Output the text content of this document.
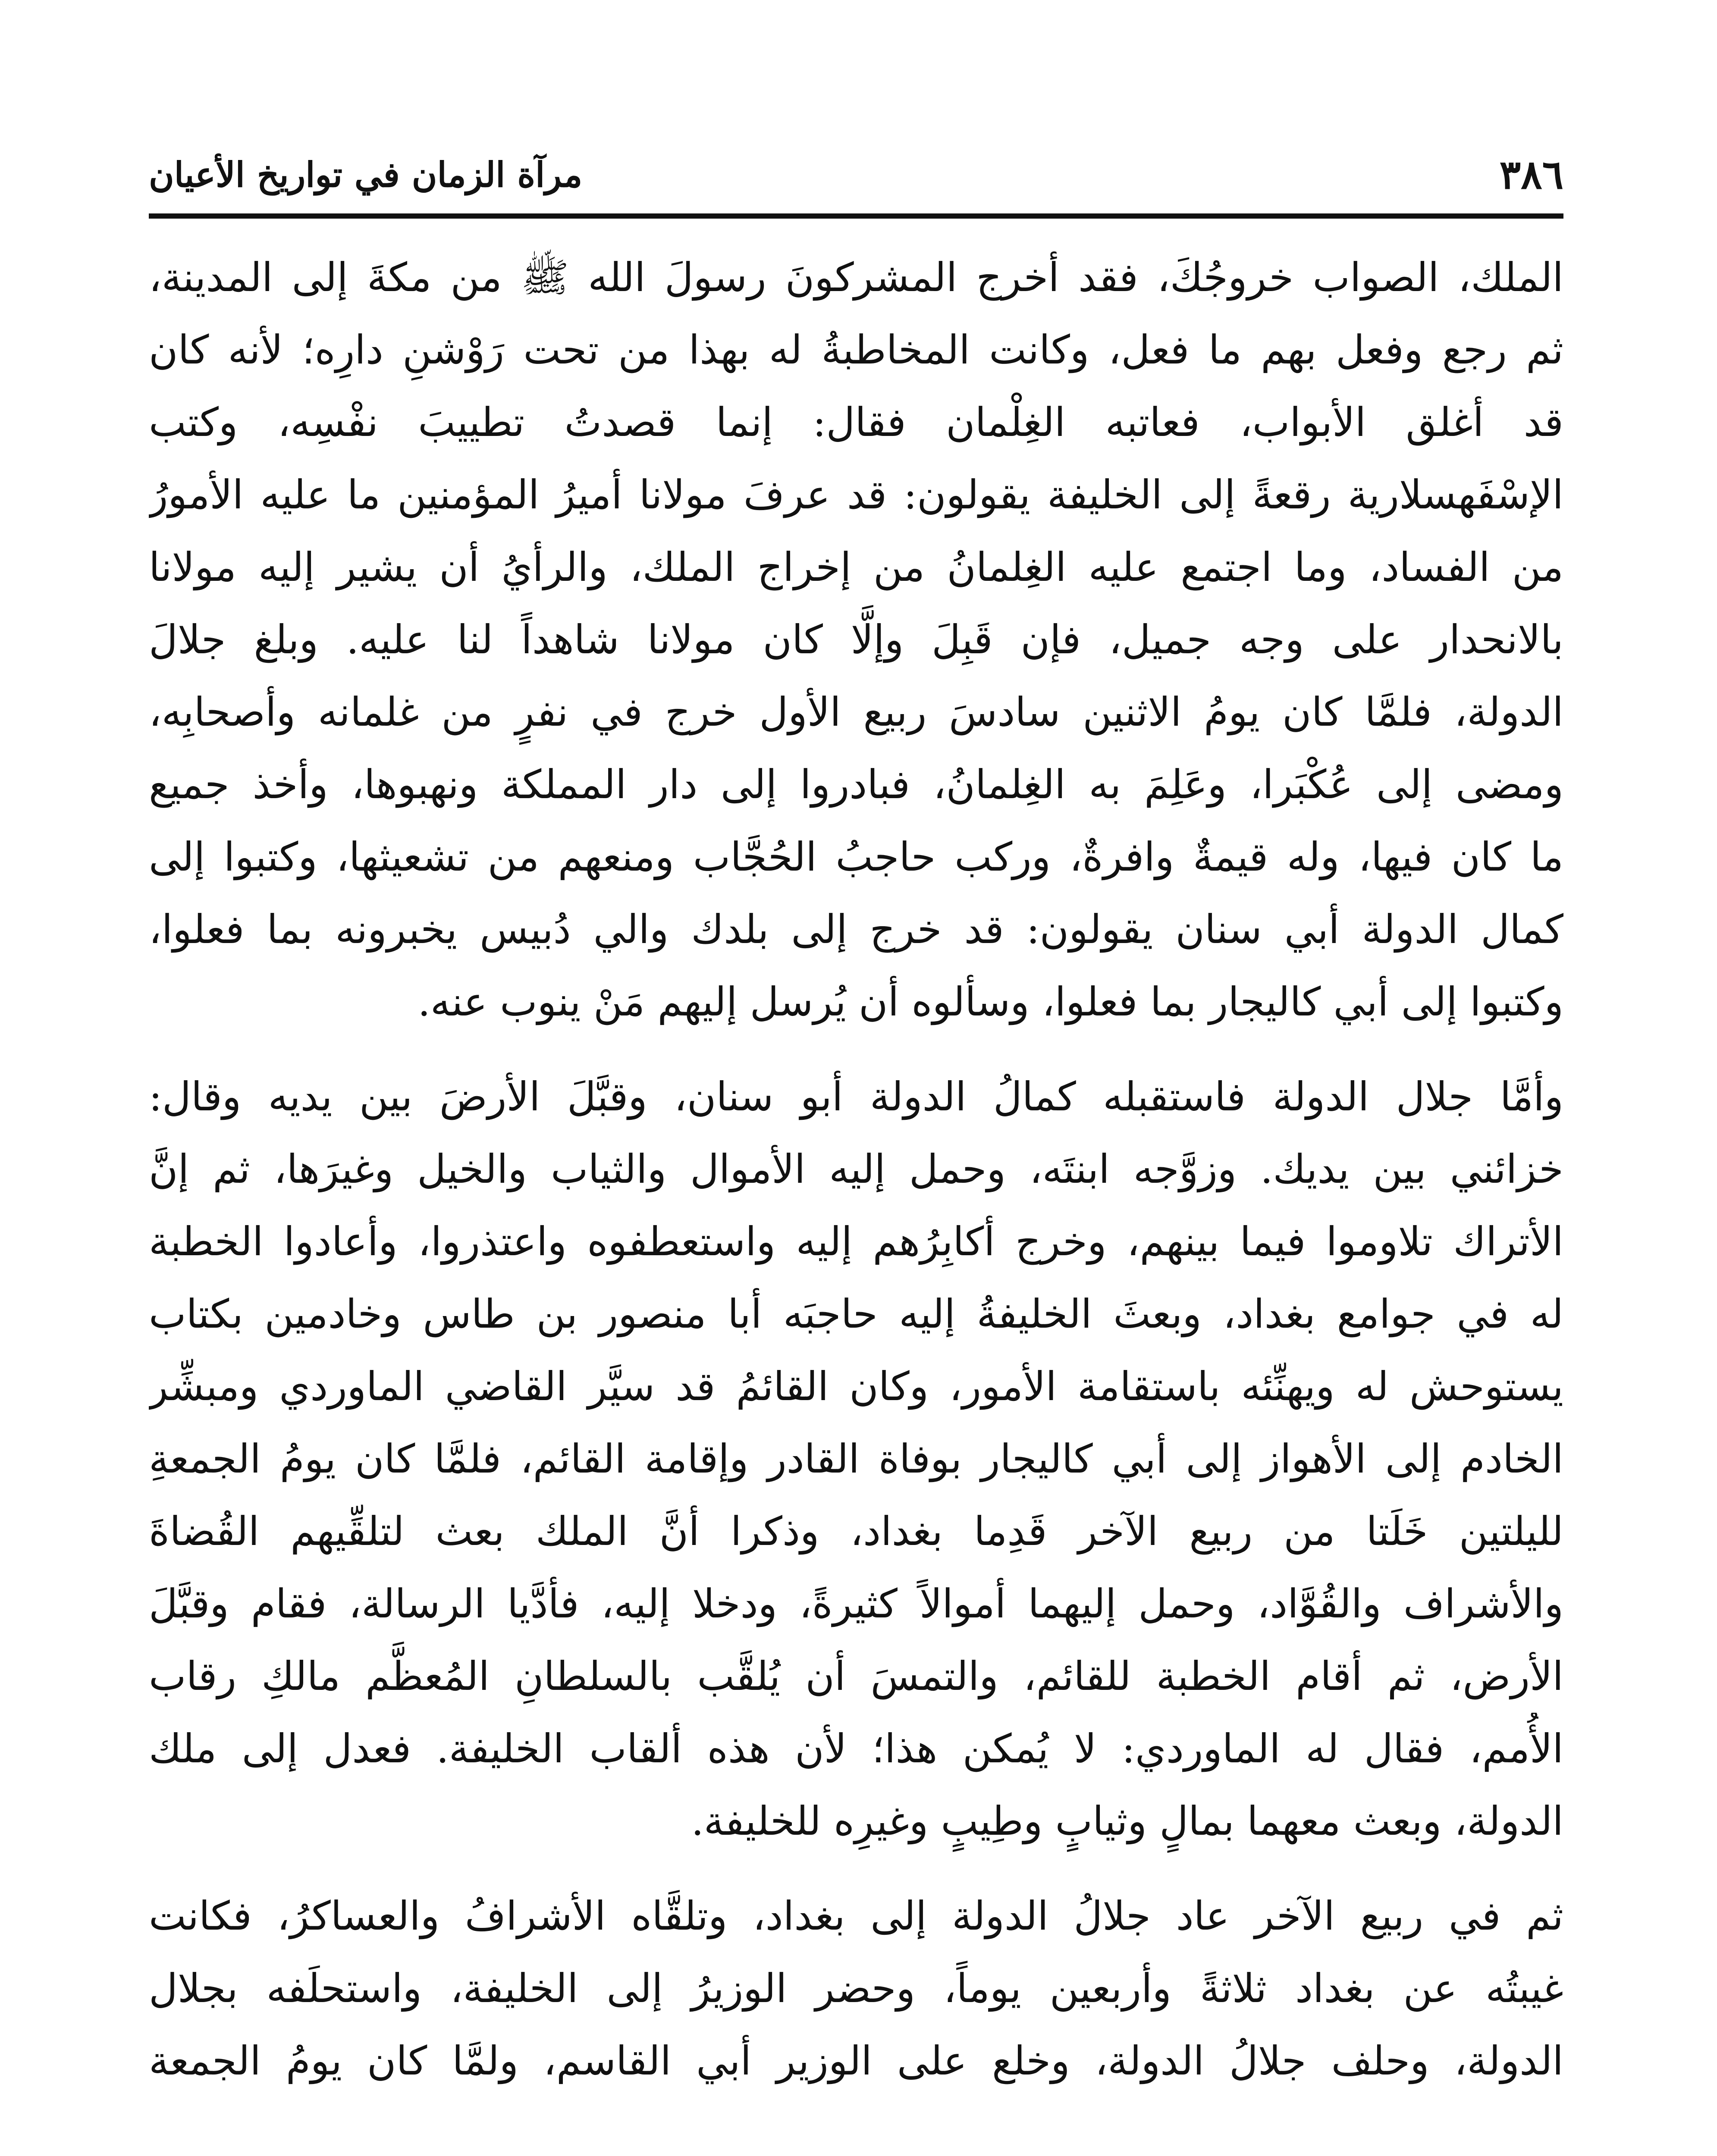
٣٨٦
مرآة الزمان في تواريخ الأعيان
الملك، الصواب خروجُكَ، فقد أخرج المشركونَ رسولَ الله ﷺ من مكةَ إلى المدينة،
ثم رجع وفعل بهم ما فعل، وكانت المخاطبةُ له بهذا من تحت رَوْشنِ دارِه؛ لأنه كان
قد أغلق الأبواب، فعاتبه الغِلْمان فقال: إنما قصدتُ تطييبَ نفْسِه، وكتب
الإسْفَهسلارية رقعةً إلى الخليفة يقولون: قد عرفَ مولانا أميرُ المؤمنين ما عليه الأمورُ
من الفساد، وما اجتمع عليه الغِلمانُ من إخراج الملك، والرأيُ أن يشير إليه مولانا
بالانحدار على وجه جميل، فإن قَبِلَ وإلَّا كان مولانا شاهداً لنا عليه. وبلغ جلالَ
الدولة، فلمَّا كان يومُ الاثنين سادسَ ربيع الأول خرج في نفرٍ من غلمانه وأصحابِه،
ومضى إلى عُكْبَرا، وعَلِمَ به الغِلمانُ، فبادروا إلى دار المملكة ونهبوها، وأخذ جميع
ما كان فيها، وله قيمةٌ وافرةٌ، وركب حاجبُ الحُجَّاب ومنعهم من تشعيثها، وكتبوا إلى
كمال الدولة أبي سنان يقولون: قد خرج إلى بلدك والي دُبيس يخبرونه بما فعلوا،
وكتبوا إلى أبي كاليجار بما فعلوا، وسألوه أن يُرسل إليهم مَنْ ينوب عنه.
وأمَّا جلال الدولة فاستقبله كمالُ الدولة أبو سنان، وقبَّلَ الأرضَ بين يديه وقال:
خزائني بين يديك. وزوَّجه ابنتَه، وحمل إليه الأموال والثياب والخيل وغيرَها، ثم إنَّ
الأتراك تلاوموا فيما بينهم، وخرج أكابِرُهم إليه واستعطفوه واعتذروا، وأعادوا الخطبة
له في جوامع بغداد، وبعثَ الخليفةُ إليه حاجبَه أبا منصور بن طاس وخادمين بكتاب
يستوحش له ويهنِّئه باستقامة الأمور، وكان القائمُ قد سيَّر القاضي الماوردي ومبشِّر
الخادم إلى الأهواز إلى أبي كاليجار بوفاة القادر وإقامة القائم، فلمَّا كان يومُ الجمعةِ
لليلتين خَلَتا من ربيع الآخر قَدِما بغداد، وذكرا أنَّ الملك بعث لتلقِّيهم القُضاةَ
والأشراف والقُوَّاد، وحمل إليهما أموالاً كثيرةً، ودخلا إليه، فأدَّيا الرسالة، فقام وقبَّلَ
الأرض، ثم أقام الخطبة للقائم، والتمسَ أن يُلقَّب بالسلطانِ المُعظَّم مالكِ رقاب
الأُمم، فقال له الماوردي: لا يُمكن هذا؛ لأن هذه ألقاب الخليفة. فعدل إلى ملك
الدولة، وبعث معهما بمالٍ وثيابٍ وطِيبٍ وغيرِه للخليفة.
ثم في ربيع الآخر عاد جلالُ الدولة إلى بغداد، وتلقَّاه الأشرافُ والعساكرُ، فكانت
غيبتُه عن بغداد ثلاثةً وأربعين يوماً، وحضر الوزيرُ إلى الخليفة، واستحلَفه بجلال
الدولة، وحلف جلالُ الدولة، وخلع على الوزير أبي القاسم، ولمَّا كان يومُ الجمعة
